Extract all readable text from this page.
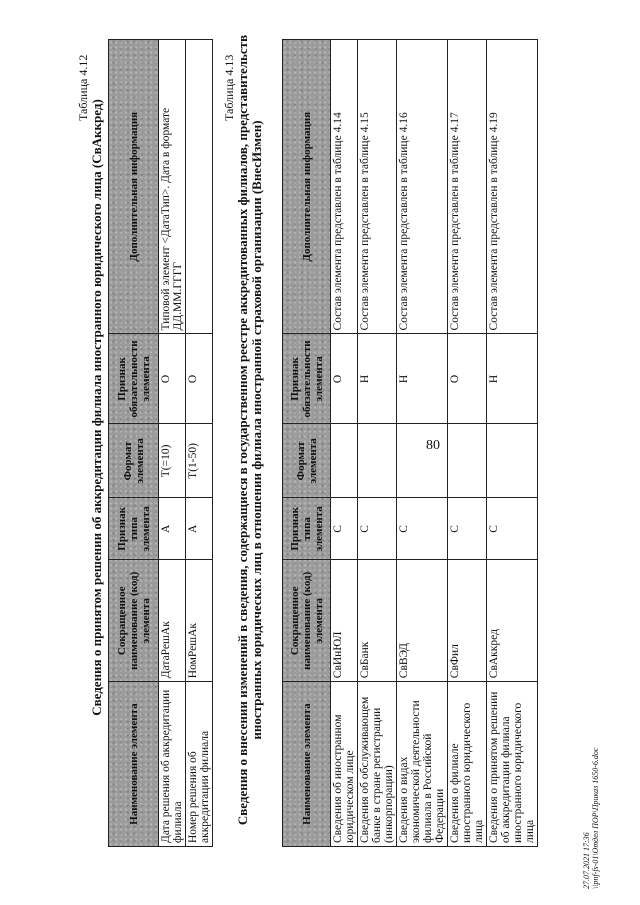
80
Таблица 4.12
Сведения о принятом решении об аккредитации филиала иностранного юридического лица (СвАккред)
Наименование элемента	Сокращенное наименование (код) элемента	Признак типа элемента	Формат элемента	Признак обязательности элемента	Дополнительная информация
Дата решения об аккредитации филиала	ДатаРешАк	А	T(=10)	О	Типовой элемент <ДатаТип>. Дата в формате ДД.ММ.ГГГГ
Номер решения об аккредитации филиала	НомРешАк	А	T(1-50)	О	
Таблица 4.13 Сведения о внесении изменений в сведения, содержащиеся в государственном реестре аккредитованных филиалов, представительств иностранных юридических лиц в отношении филиала иностранной страховой организации (ВнесИзмен)
Наименование элемента	Сокращенное наименование (код) элемента	Признак типа элемента	Формат элемента	Признак обязательности элемента	Дополнительная информация
Сведения об иностранном юридическом лице	СвИнЮЛ	С		О	Состав элемента представлен в таблице 4.14
Сведения об обслуживающем банке в стране регистрации (инкорпорации)	СвБанк	С		Н	Состав элемента представлен в таблице 4.15
Сведения о видах экономической деятельности филиала в Российской Федерации	СвВЭД	С		Н	Состав элемента представлен в таблице 4.16
Сведения о филиале иностранного юридического лица	СвФил	С		О	Состав элемента представлен в таблице 4.17
Сведения о принятом решении об аккредитации филиала иностранного юридического лица	СвАккред	С		Н	Состав элемента представлен в таблице 4.19
27.07.2021 17:36 \\pnf-fs-01\Отдел ПОР\Приказ 1650-6.doc
